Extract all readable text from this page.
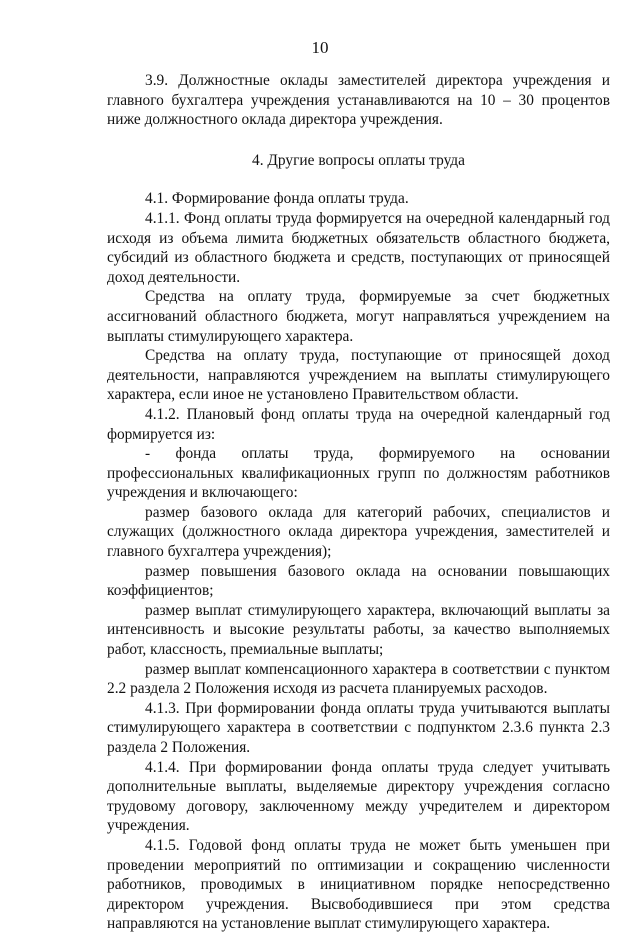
10

3.9. Должностные оклады заместителей директора учреждения и главного бухгалтера учреждения устанавливаются на 10 – 30 процентов ниже должностного оклада директора учреждения.

4. Другие вопросы оплаты труда

4.1. Формирование фонда оплаты труда.

4.1.1. Фонд оплаты труда формируется на очередной календарный год исходя из объема лимита бюджетных обязательств областного бюджета, субсидий из областного бюджета и средств, поступающих от приносящей доход деятельности.

Средства на оплату труда, формируемые за счет бюджетных ассигнований областного бюджета, могут направляться учреждением на выплаты стимулирующего характера.

Средства на оплату труда, поступающие от приносящей доход деятельности, направляются учреждением на выплаты стимулирующего характера, если иное не установлено Правительством области.

4.1.2. Плановый фонд оплаты труда на очередной календарный год формируется из:

- фонда оплаты труда, формируемого на основании профессиональных квалификационных групп по должностям работников учреждения и включающего:

размер базового оклада для категорий рабочих, специалистов и служащих (должностного оклада директора учреждения, заместителей и главного бухгалтера учреждения);

размер повышения базового оклада на основании повышающих коэффициентов;

размер выплат стимулирующего характера, включающий выплаты за интенсивность и высокие результаты работы, за качество выполняемых работ, классность, премиальные выплаты;

размер выплат компенсационного характера в соответствии с пунктом 2.2 раздела 2 Положения исходя из расчета планируемых расходов.

4.1.3. При формировании фонда оплаты труда учитываются выплаты стимулирующего характера в соответствии с подпунктом 2.3.6 пункта 2.3 раздела 2 Положения.

4.1.4. При формировании фонда оплаты труда следует учитывать дополнительные выплаты, выделяемые директору учреждения согласно трудовому договору, заключенному между учредителем и директором учреждения.

4.1.5. Годовой фонд оплаты труда не может быть уменьшен при проведении мероприятий по оптимизации и сокращению численности работников, проводимых в инициативном порядке непосредственно директором учреждения. Высвободившиеся при этом средства направляются на установление выплат стимулирующего характера.
